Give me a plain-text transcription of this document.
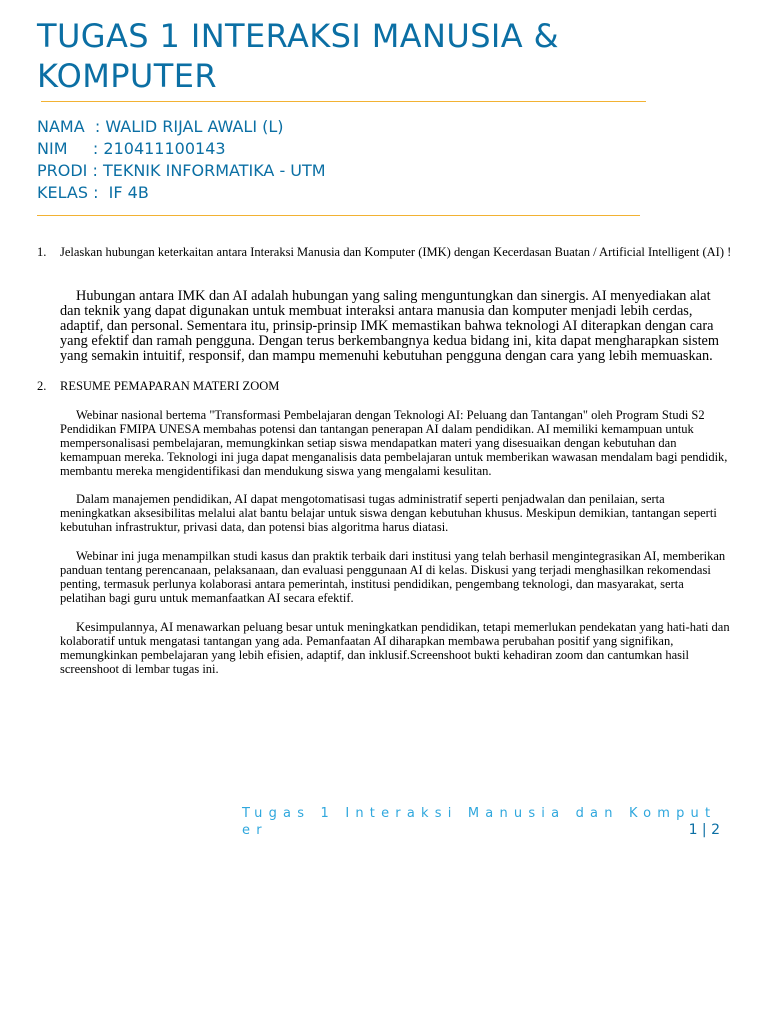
TUGAS 1 INTERAKSI MANUSIA & KOMPUTER
NAMA  : WALID RIJAL AWALI (L)
NIM     : 210411100143
PRODI : TEKNIK INFORMATIKA - UTM
KELAS :  IF 4B
1. Jelaskan hubungan keterkaitan antara Interaksi Manusia dan Komputer (IMK) dengan Kecerdasan Buatan / Artificial Intelligent (AI) !

Hubungan antara IMK dan AI adalah hubungan yang saling menguntungkan dan sinergis. AI menyediakan alat dan teknik yang dapat digunakan untuk membuat interaksi antara manusia dan komputer menjadi lebih cerdas, adaptif, dan personal. Sementara itu, prinsip-prinsip IMK memastikan bahwa teknologi AI diterapkan dengan cara yang efektif dan ramah pengguna. Dengan terus berkembangnya kedua bidang ini, kita dapat mengharapkan sistem yang semakin intuitif, responsif, dan mampu memenuhi kebutuhan pengguna dengan cara yang lebih memuaskan.

2. RESUME PEMAPARAN MATERI ZOOM

Webinar nasional bertema "Transformasi Pembelajaran dengan Teknologi AI: Peluang dan Tantangan" oleh Program Studi S2 Pendidikan FMIPA UNESA membahas potensi dan tantangan penerapan AI dalam pendidikan. AI memiliki kemampuan untuk mempersonalisasi pembelajaran, memungkinkan setiap siswa mendapatkan materi yang disesuaikan dengan kebutuhan dan kemampuan mereka. Teknologi ini juga dapat menganalisis data pembelajaran untuk memberikan wawasan mendalam bagi pendidik, membantu mereka mengidentifikasi dan mendukung siswa yang mengalami kesulitan.

Dalam manajemen pendidikan, AI dapat mengotomatisasi tugas administratif seperti penjadwalan dan penilaian, serta meningkatkan aksesibilitas melalui alat bantu belajar untuk siswa dengan kebutuhan khusus. Meskipun demikian, tantangan seperti kebutuhan infrastruktur, privasi data, dan potensi bias algoritma harus diatasi.

Webinar ini juga menampilkan studi kasus dan praktik terbaik dari institusi yang telah berhasil mengintegrasikan AI, memberikan panduan tentang perencanaan, pelaksanaan, dan evaluasi penggunaan AI di kelas. Diskusi yang terjadi menghasilkan rekomendasi penting, termasuk perlunya kolaborasi antara pemerintah, institusi pendidikan, pengembang teknologi, dan masyarakat, serta pelatihan bagi guru untuk memanfaatkan AI secara efektif.

Kesimpulannya, AI menawarkan peluang besar untuk meningkatkan pendidikan, tetapi memerlukan pendekatan yang hati-hati dan kolaboratif untuk mengatasi tantangan yang ada. Pemanfaatan AI diharapkan membawa perubahan positif yang signifikan, memungkinkan pembelajaran yang lebih efisien, adaptif, dan inklusif.Screenshoot bukti kehadiran zoom dan cantumkan hasil screenshoot di lembar tugas ini.

Tugas 1 Interaksi Manusia dan Komputer	1 | 2
